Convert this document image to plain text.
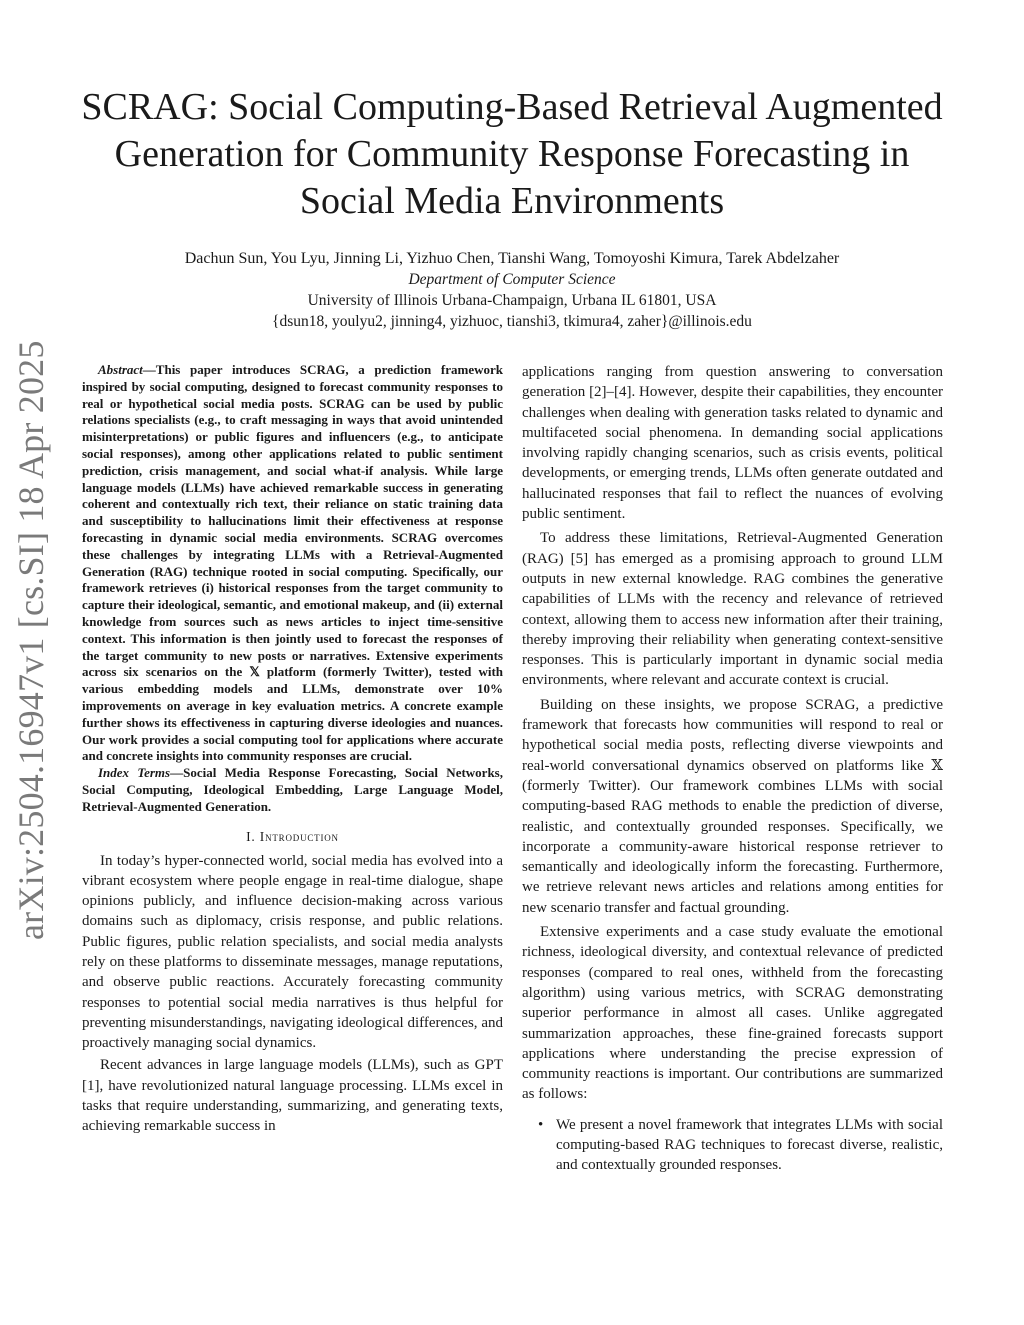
arXiv:2504.16947v1 [cs.SI] 18 Apr 2025
SCRAG: Social Computing-Based Retrieval Augmented Generation for Community Response Forecasting in Social Media Environments
Dachun Sun, You Lyu, Jinning Li, Yizhuo Chen, Tianshi Wang, Tomoyoshi Kimura, Tarek Abdelzaher
Department of Computer Science
University of Illinois Urbana-Champaign, Urbana IL 61801, USA
{dsun18, youlyu2, jinning4, yizhuoc, tianshi3, tkimura4, zaher}@illinois.edu

Abstract—This paper introduces SCRAG, a prediction framework inspired by social computing, designed to forecast community responses to real or hypothetical social media posts. SCRAG can be used by public relations specialists (e.g., to craft messaging in ways that avoid unintended misinterpretations) or public figures and influencers (e.g., to anticipate social responses), among other applications related to public sentiment prediction, crisis management, and social what-if analysis. While large language models (LLMs) have achieved remarkable success in generating coherent and contextually rich text, their reliance on static training data and susceptibility to hallucinations limit their effectiveness at response forecasting in dynamic social media environments. SCRAG overcomes these challenges by integrating LLMs with a Retrieval-Augmented Generation (RAG) technique rooted in social computing. Specifically, our framework retrieves (i) historical responses from the target community to capture their ideological, semantic, and emotional makeup, and (ii) external knowledge from sources such as news articles to inject time-sensitive context. This information is then jointly used to forecast the responses of the target community to new posts or narratives. Extensive experiments across six scenarios on the 𝕏 platform (formerly Twitter), tested with various embedding models and LLMs, demonstrate over 10% improvements on average in key evaluation metrics. A concrete example further shows its effectiveness in capturing diverse ideologies and nuances. Our work provides a social computing tool for applications where accurate and concrete insights into community responses are crucial.

Index Terms—Social Media Response Forecasting, Social Networks, Social Computing, Ideological Embedding, Large Language Model, Retrieval-Augmented Generation.

I. Introduction

In today’s hyper-connected world, social media has evolved into a vibrant ecosystem where people engage in real-time dialogue, shape opinions publicly, and influence decision-making across various domains such as diplomacy, crisis response, and public relations. Public figures, public relation specialists, and social media analysts rely on these platforms to disseminate messages, manage reputations, and observe public reactions. Accurately forecasting community responses to potential social media narratives is thus helpful for preventing misunderstandings, navigating ideological differences, and proactively managing social dynamics.

Recent advances in large language models (LLMs), such as GPT [1], have revolutionized natural language processing. LLMs excel in tasks that require understanding, summarizing, and generating texts, achieving remarkable success in

applications ranging from question answering to conversation generation [2]–[4]. However, despite their capabilities, they encounter challenges when dealing with generation tasks related to dynamic and multifaceted social phenomena. In demanding social applications involving rapidly changing scenarios, such as crisis events, political developments, or emerging trends, LLMs often generate outdated and hallucinated responses that fail to reflect the nuances of evolving public sentiment.

To address these limitations, Retrieval-Augmented Generation (RAG) [5] has emerged as a promising approach to ground LLM outputs in new external knowledge. RAG combines the generative capabilities of LLMs with the recency and relevance of retrieved context, allowing them to access new information after their training, thereby improving their reliability when generating context-sensitive responses. This is particularly important in dynamic social media environments, where relevant and accurate context is crucial.

Building on these insights, we propose SCRAG, a predictive framework that forecasts how communities will respond to real or hypothetical social media posts, reflecting diverse viewpoints and real-world conversational dynamics observed on platforms like 𝕏 (formerly Twitter). Our framework combines LLMs with social computing-based RAG methods to enable the prediction of diverse, realistic, and contextually grounded responses. Specifically, we incorporate a community-aware historical response retriever to semantically and ideologically inform the forecasting. Furthermore, we retrieve relevant news articles and relations among entities for new scenario transfer and factual grounding.

Extensive experiments and a case study evaluate the emotional richness, ideological diversity, and contextual relevance of predicted responses (compared to real ones, withheld from the forecasting algorithm) using various metrics, with SCRAG demonstrating superior performance in almost all cases. Unlike aggregated summarization approaches, these fine-grained forecasts support applications where understanding the precise expression of community reactions is important. Our contributions are summarized as follows:

• We present a novel framework that integrates LLMs with social computing-based RAG techniques to forecast diverse, realistic, and contextually grounded responses.
